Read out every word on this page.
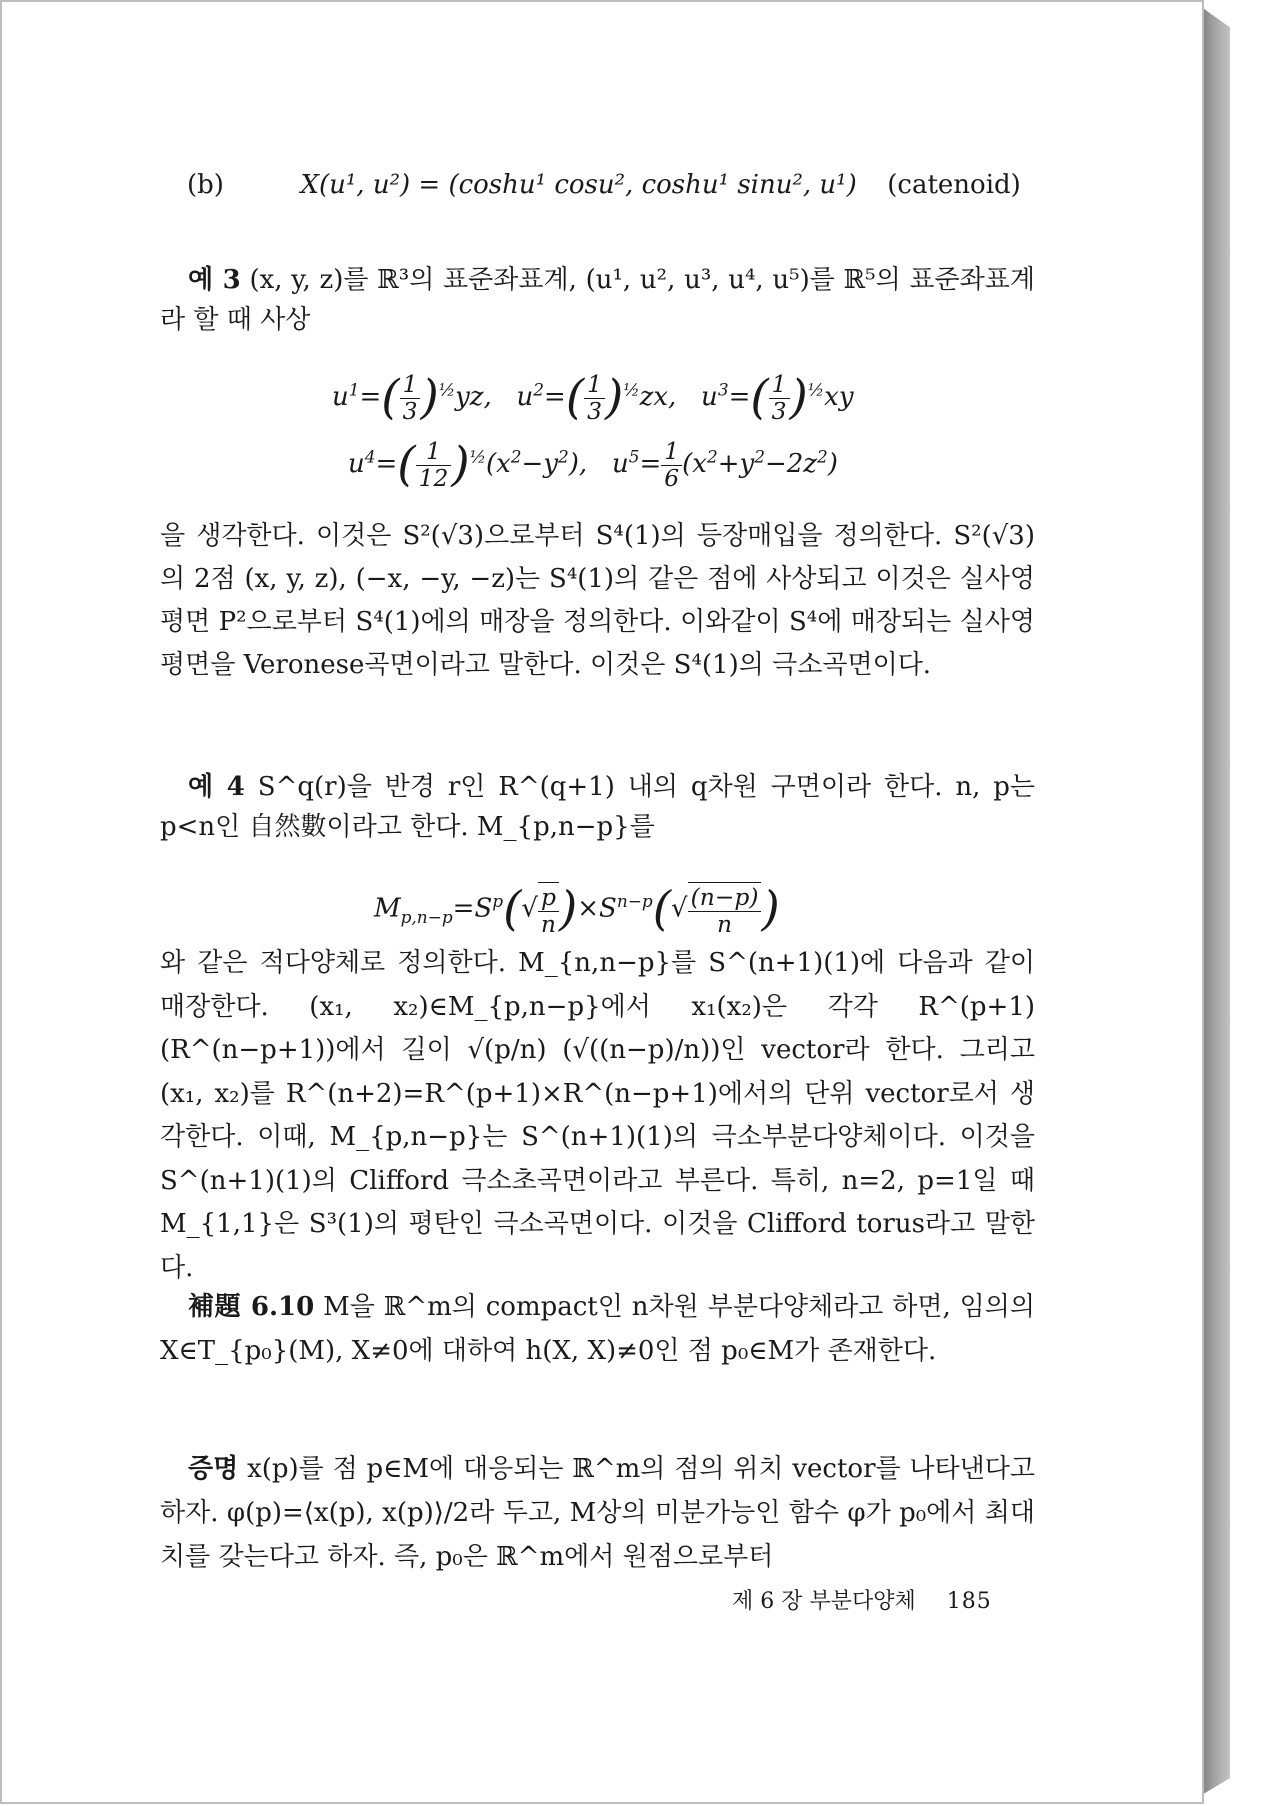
(b)	X(u¹, u²) = (coshu¹ cosu², coshu¹ sinu², u¹) (catenoid)
예 3 (x, y, z)를 ℝ³의 표준좌표계, (u¹, u², u³, u⁴, u⁵)를 ℝ⁵의 표준좌표계라 할 때 사상
$u^1=( \frac{1}{3} )^{\frac{1}{2}}yz$,   $u^2=( \frac{1}{3} )^{\frac{1}{2}}zx$,   $u^3=( \frac{1}{3} )^{\frac{1}{2}}xy$
$u^4=( \frac{1}{12} )^{\frac{1}{2}}(x^2-y^2)$,   $u^5= \frac{1}{6} (x^2+y^2-2z^2)$
을 생각한다. 이것은 S²(√3)으로부터 S⁴(1)의 등장매입을 정의한다. S²(√3)의 2점 (x, y, z), (−x, −y, −z)는 S⁴(1)의 같은 점에 사상되고 이것은 실사영평면 P²으로부터 S⁴(1)에의 매장을 정의한다. 이와같이 S⁴에 매장되는 실사영평면을 Veronese곡면이라고 말한다. 이것은 S⁴(1)의 극소곡면이다.
예 4 S^q(r)을 반경 r인 R^(q+1) 내의 q차원 구면이라 한다. n, p는 p<n인 自然數이라고 한다. M_{p,n−p}를
$M_{p,n-p}=S^p(√ \frac{p}{n} )\times S^{n-p}(√ \frac{(n-p)}{n}$ )
와 같은 적다양체로 정의한다. M_{n,n−p}를 S^(n+1)(1)에 다음과 같이 매장한다. (x₁, x₂)∈M_{p,n−p}에서 x₁(x₂)은 각각 R^(p+1)(R^(n−p+1))에서 길이 √(p/n) (√((n−p)/n))인 vector라 한다. 그리고 (x₁, x₂)를 R^(n+2)=R^(p+1)×R^(n−p+1)에서의 단위 vector로서 생각한다. 이때, M_{p,n−p}는 S^(n+1)(1)의 극소부분다양체이다. 이것을 S^(n+1)(1)의 Clifford 극소초곡면이라고 부른다. 특히, n=2, p=1일 때 M_{1,1}은 S³(1)의 평탄인 극소곡면이다. 이것을 Clifford torus라고 말한다.
補題 6.10 M을 ℝ^m의 compact인 n차원 부분다양체라고 하면, 임의의 X∈T_{p₀}(M), X≠0에 대하여 h(X, X)≠0인 점 p₀∈M가 존재한다.
증명 x(p)를 점 p∈M에 대응되는 ℝ^m의 점의 위치 vector를 나타낸다고 하자. φ(p)=⟨x(p), x(p)⟩/2라 두고, M상의 미분가능인 함수 φ가 p₀에서 최대치를 갖는다고 하자. 즉, p₀은 ℝ^m에서 원점으로부터
제 6 장 부분다양체 185
